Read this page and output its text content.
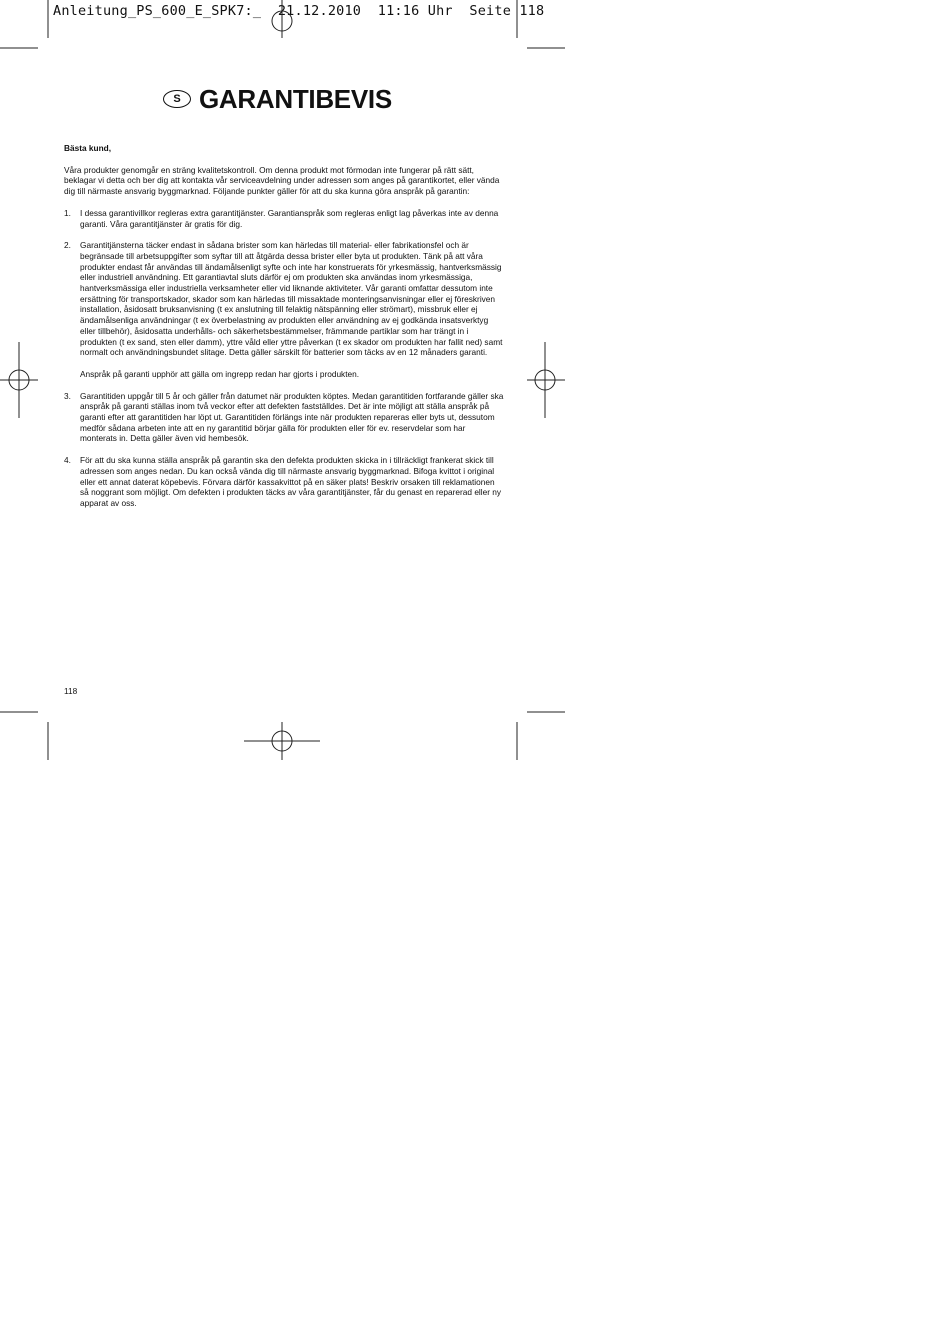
Anleitung_PS_600_E_SPK7:_  21.12.2010  11:16 Uhr  Seite 118
S GARANTIBEVIS

Bästa kund,

Våra produkter genomgår en sträng kvalitetskontroll. Om denna produkt mot förmodan inte fungerar på rätt sätt, beklagar vi detta och ber dig att kontakta vår serviceavdelning under adressen som anges på garantikortet, eller vända dig till närmaste ansvarig byggmarknad. Följande punkter gäller för att du ska kunna göra anspråk på garantin:

1. I dessa garantivillkor regleras extra garantitjänster. Garantianspråk som regleras enligt lag påverkas inte av denna garanti. Våra garantitjänster är gratis för dig.

2. Garantitjänsterna täcker endast in sådana brister som kan härledas till material- eller fabrikationsfel och är begränsade till arbetsuppgifter som syftar till att åtgärda dessa brister eller byta ut produkten. Tänk på att våra produkter endast får användas till ändamålsenligt syfte och inte har konstruerats för yrkesmässig, hantverksmässig eller industriell användning. Ett garantiavtal sluts därför ej om produkten ska användas inom yrkesmässiga, hantverksmässiga eller industriella verksamheter eller vid liknande aktiviteter. Vår garanti omfattar dessutom inte ersättning för transportskador, skador som kan härledas till missaktade monteringsanvisningar eller ej föreskriven installation, åsidosatt bruksanvisning (t ex anslutning till felaktig nätspänning eller strömart), missbruk eller ej ändamålsenliga användningar (t ex överbelastning av produkten eller användning av ej godkända insatsverktyg eller tillbehör), åsidosatta underhålls- och säkerhetsbestämmelser, främmande partiklar som har trängt in i produkten (t ex sand, sten eller damm), yttre våld eller yttre påverkan (t ex skador om produkten har fallit ned) samt normalt och användningsbundet slitage. Detta gäller särskilt för batterier som täcks av en 12 månaders garanti.

Anspråk på garanti upphör att gälla om ingrepp redan har gjorts i produkten.

3. Garantitiden uppgår till 5 år och gäller från datumet när produkten köptes. Medan garantitiden fortfarande gäller ska anspråk på garanti ställas inom två veckor efter att defekten fastställdes. Det är inte möjligt att ställa anspråk på garanti efter att garantitiden har löpt ut. Garantitiden förlängs inte när produkten repareras eller byts ut, dessutom medför sådana arbeten inte att en ny garantitid börjar gälla för produkten eller för ev. reservdelar som har monterats in. Detta gäller även vid hembesök.

4. För att du ska kunna ställa anspråk på garantin ska den defekta produkten skicka in i tillräckligt frankerat skick till adressen som anges nedan. Du kan också vända dig till närmaste ansvarig byggmarknad. Bifoga kvittot i original eller ett annat daterat köpebevis. Förvara därför kassakvittot på en säker plats! Beskriv orsaken till reklamationen så noggrant som möjligt. Om defekten i produkten täcks av våra garantitjänster, får du genast en reparerad eller ny apparat av oss.

118
